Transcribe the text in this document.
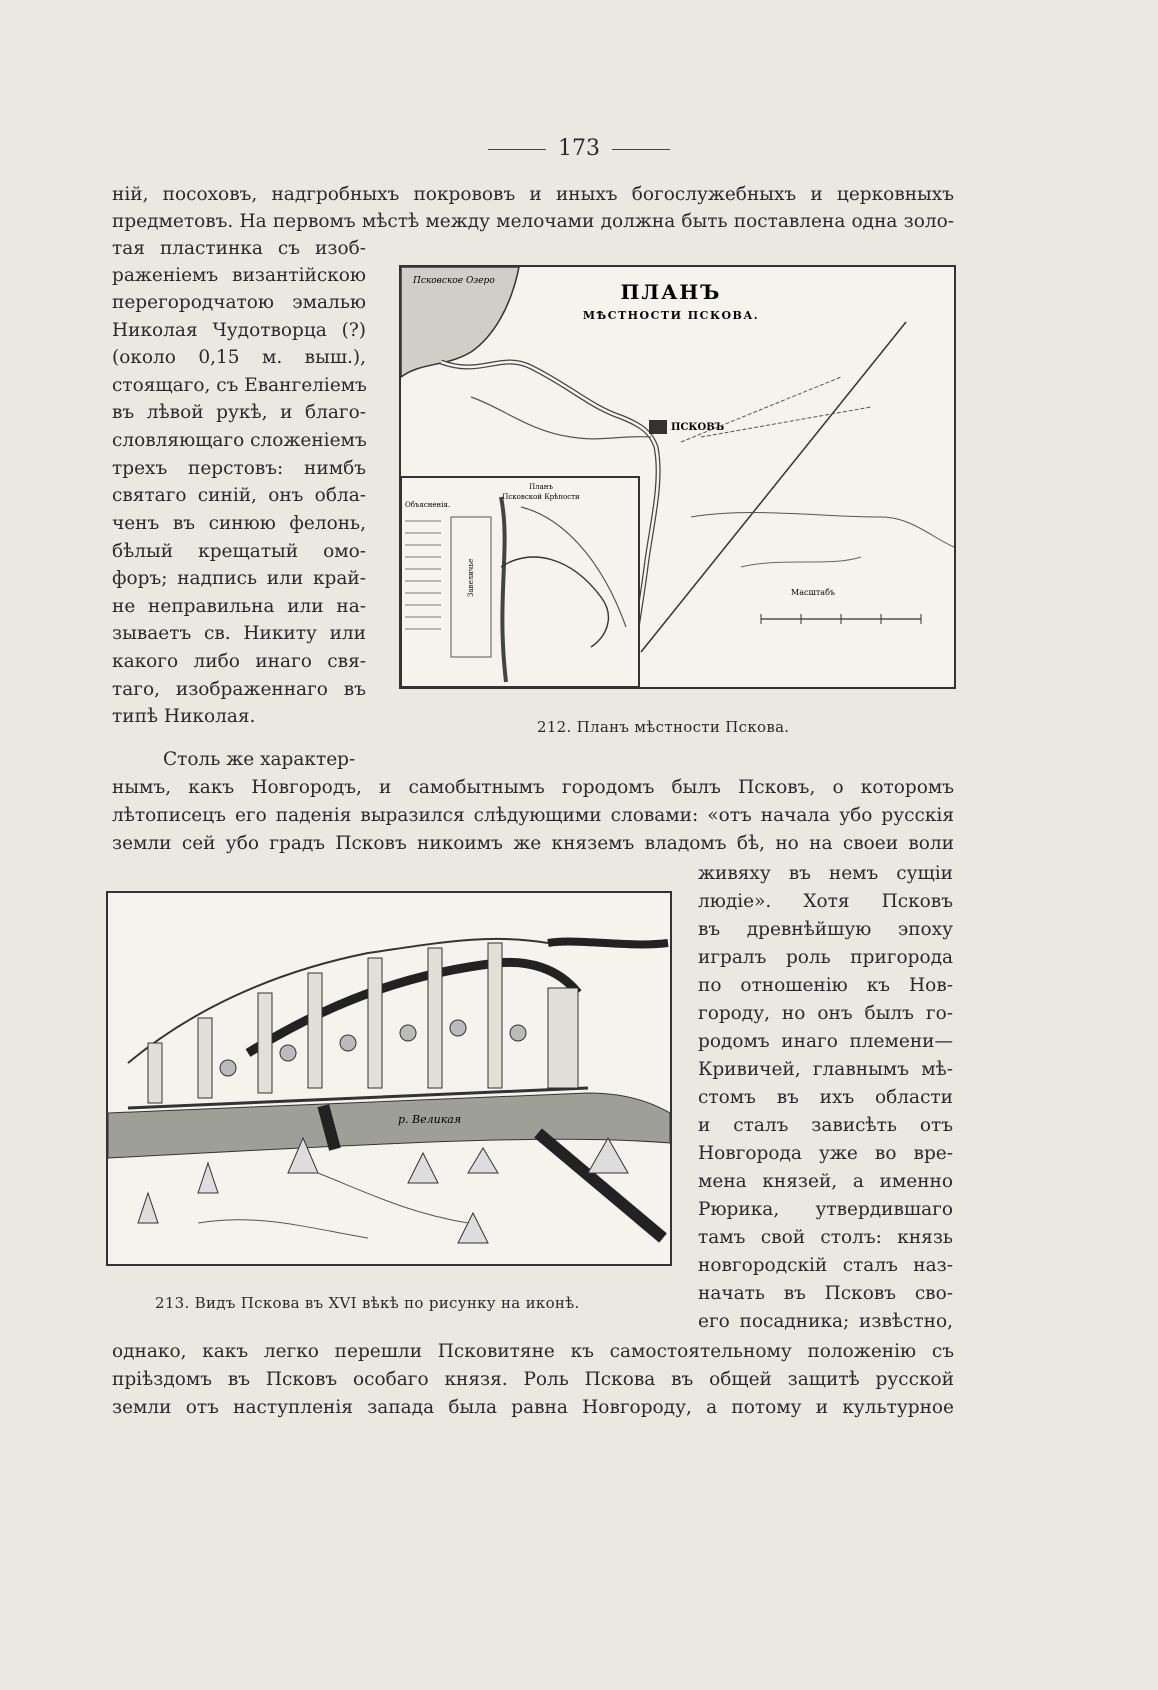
173
ній, посоховъ, надгробныхъ покрововъ и иныхъ богослужебныхъ и церковныхъ
предметовъ. На первомъ мѣстѣ между мелочами должна быть поставлена одна золо-
тая пластинка съ изоб-
раженіемъ византійскою
перегородчатою эмалью
Николая Чудотворца (?)
(около 0,15 м. выш.),
стоящаго, съ Евангеліемъ
въ лѣвой рукѣ, и благо-
словляющаго сложеніемъ
трехъ перстовъ: нимбъ
святаго синій, онъ обла-
ченъ въ синюю фелонь,
бѣлый крещатый омо-
форъ; надпись или край-
не неправильна или на-
зываетъ св. Никиту или
какого либо инаго свя-
таго, изображеннаго въ
типѣ Николая.
Псковское Озеро
ПСКОВЪ
ПЛАНЪ
МѢСТНОСТИ ПСКОВА.
Масштабъ
Планъ
Псковской Крѣпости
Объясненія.
Завеличье
212. Планъ мѣстности Пскова.
Столь же характер-
нымъ, какъ Новгородъ, и самобытнымъ городомъ былъ Псковъ, о которомъ
лѣтописецъ его паденія выразился слѣдующими словами: «отъ начала убо русскія
земли сей убо градъ Псковъ никоимъ же княземъ владомъ бѣ, но на своеи воли
живяху въ немъ сущіи
людіе». Хотя Псковъ
въ древнѣйшую эпоху
игралъ роль пригорода
по отношенію къ Нов-
городу, но онъ былъ го-
родомъ инаго племени—
Кривичей, главнымъ мѣ-
стомъ въ ихъ области
и сталъ зависѣть отъ
Новгорода уже во вре-
мена князей, а именно
Рюрика, утвердившаго
тамъ свой столъ: князь
новгородскій сталъ наз-
начать въ Псковъ сво-
его посадника; извѣстно,
р. Великая
213. Видъ Пскова въ XVI вѣкѣ по рисунку на иконѣ.
однако, какъ легко перешли Псковитяне къ самостоятельному положенію съ
пріѣздомъ въ Псковъ особагo князя. Роль Пскова въ общей защитѣ русской
земли отъ наступленія запада была равна Новгороду, а потому и культурное
